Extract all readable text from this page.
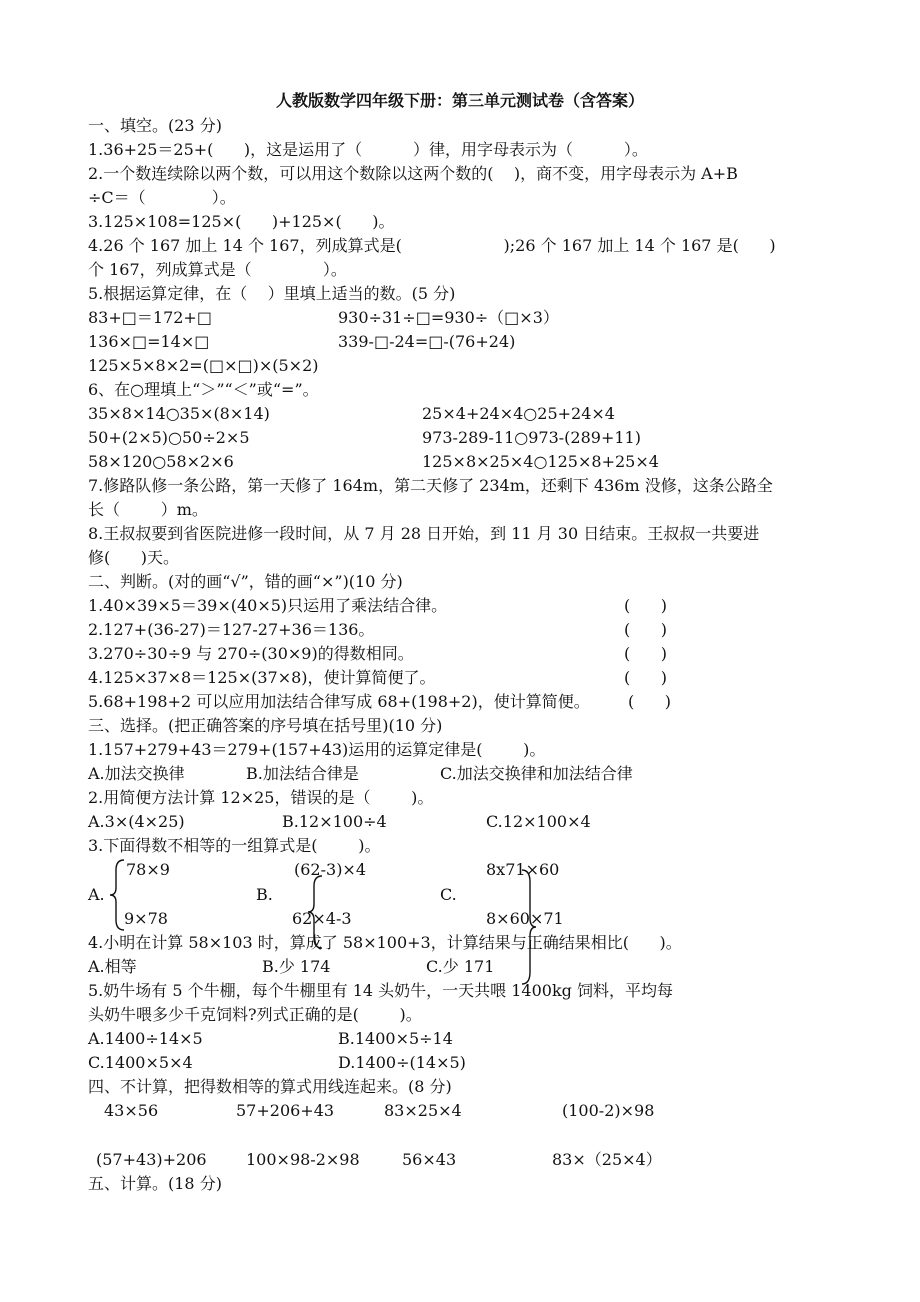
人教版数学四年级下册：第三单元测试卷（含答案）
一、填空。(23 分)
1.36+25＝25+(      )，这是运用了（          ）律，用字母表示为（          ）。
2.一个数连续除以两个数，可以用这个数除以这两个数的(    )，商不变，用字母表示为 A+B
÷C＝（             ）。
3.125×108=125×(      )+125×(      )。
4.26 个 167 加上 14 个 167，列成算式是(                    );26 个 167 加上 14 个 167 是(      )
个 167，列成算式是（              ）。
5.根据运算定律，在（    ）里填上适当的数。(5 分)
83+□＝172+□	930÷31÷□=930÷（□×3）
136×□=14×□	339-□-24=□-(76+24)
125×5×8×2=(□×□)×(5×2)
6、在○理填上“＞”“＜”或“=”。
35×8×14○35×(8×14)	25×4+24×4○25+24×4
50+(2×5)○50÷2×5	973-289-11○973-(289+11)
58×120○58×2×6	125×8×25×4○125×8+25×4
7.修路队修一条公路，第一天修了 164m，第二天修了 234m，还剩下 436m 没修，这条公路全
长（        ）m。
8.王叔叔要到省医院进修一段时间，从 7 月 28 日开始，到 11 月 30 日结束。王叔叔一共要进
修(      )天。
二、判断。(对的画“√”，错的画“×”)(10 分)
1.40×39×5＝39×(40×5)只运用了乘法结合律。	(      )
2.127+(36-27)＝127-27+36＝136。	(      )
3.270÷30÷9 与 270÷(30×9)的得数相同。	(      )
4.125×37×8＝125×(37×8)，使计算简便了。	(      )
5.68+198+2 可以应用加法结合律写成 68+(198+2)，使计算简便。 (      )
三、选择。(把正确答案的序号填在括号里)(10 分)
1.157+279+43＝279+(157+43)运用的运算定律是(        )。
A.加法交换律	B.加法结合律是	C.加法交换律和加法结合律
2.用简便方法计算 12×25，错误的是（        )。
A.3×(4×25)	B.12×100÷4	C.12×100×4
3.下面得数不相等的一组算式是(        )。
A.
78×9
9×78
B.
(62-3)×4
62×4-3
C.
8x71×60
8×60×71
4.小明在计算 58×103 时，算成了 58×100+3，计算结果与正确结果相比(      )。
A.相等	B.少 174	C.少 171
5.奶牛场有 5 个牛棚，每个牛棚里有 14 头奶牛，一天共喂 1400kg 饲料，平均每
头奶牛喂多少千克饲料?列式正确的是(        )。
A.1400÷14×5	B.1400×5÷14
C.1400×5×4	D.1400÷(14×5)
四、不计算，把得数相等的算式用线连起来。(8 分)
43×56	57+206+43	83×25×4	(100-2)×98
(57+43)+206 100×98-2×98	56×43	83×（25×4）
五、计算。(18 分)
